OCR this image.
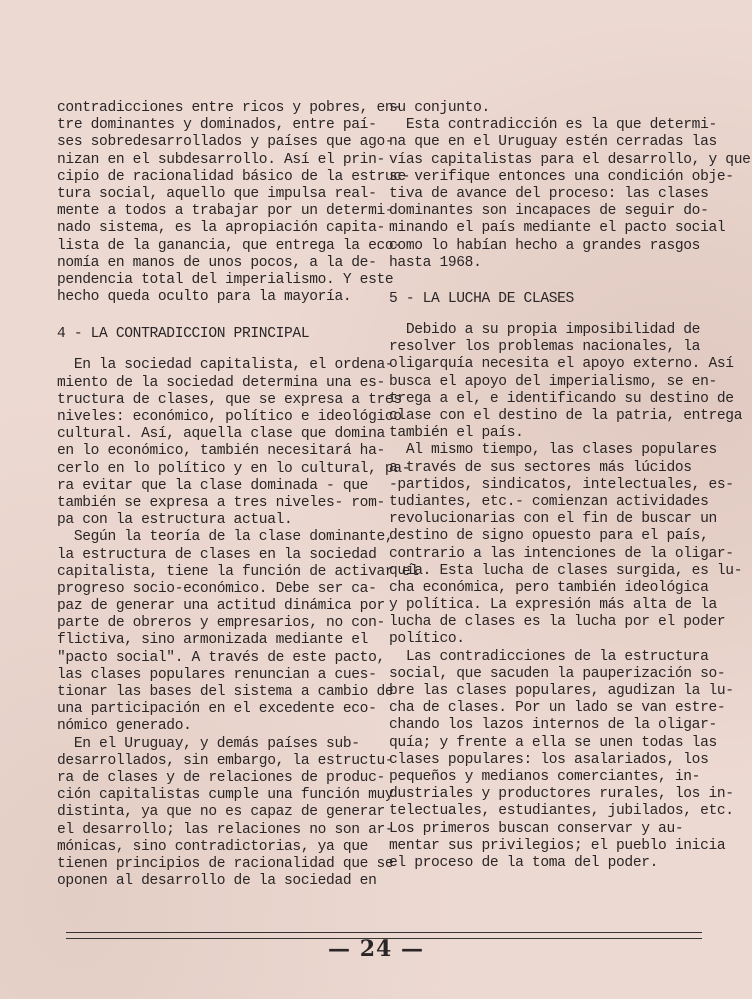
contradicciones entre ricos y pobres, en-
tre dominantes y dominados, entre paí-
ses sobredesarrollados y países que ago-
nizan en el subdesarrollo. Así el prin-
cipio de racionalidad básico de la estruc-
tura social, aquello que impulsa real-
mente a todos a trabajar por un determi-
nado sistema, es la apropiación capita-
lista de la ganancia, que entrega la eco-
nomía en manos de unos pocos, a la de-
pendencia total del imperialismo. Y este
hecho queda oculto para la mayoría.
4 - LA CONTRADICCION PRINCIPAL
En la sociedad capitalista, el ordena-
miento de la sociedad determina una es-
tructura de clases, que se expresa a tres
niveles: económico, político e ideológico
cultural. Así, aquella clase que domina
en lo económico, también necesitará ha-
cerlo en lo político y en lo cultural, pa-
ra evitar que la clase dominada - que
también se expresa a tres niveles- rom-
pa con la estructura actual.
Según la teoría de la clase dominante,
la estructura de clases en la sociedad
capitalista, tiene la función de activar el
progreso socio-económico. Debe ser ca-
paz de generar una actitud dinámica por
parte de obreros y empresarios, no con-
flictiva, sino armonizada mediante el
"pacto social". A través de este pacto,
las clases populares renuncian a cues-
tionar las bases del sistema a cambio de
una participación en el excedente eco-
nómico generado.
En el Uruguay, y demás países sub-
desarrollados, sin embargo, la estructu-
ra de clases y de relaciones de produc-
ción capitalistas cumple una función muy
distinta, ya que no es capaz de generar
el desarrollo; las relaciones no son ar-
mónicas, sino contradictorias, ya que
tienen principios de racionalidad que se
oponen al desarrollo de la sociedad en
su conjunto.
Esta contradicción es la que determi-
na que en el Uruguay estén cerradas las
vías capitalistas para el desarrollo, y que
se verifique entonces una condición obje-
tiva de avance del proceso: las clases
dominantes son incapaces de seguir do-
minando el país mediante el pacto social
como lo habían hecho a grandes rasgos
hasta 1968.
5 - LA LUCHA DE CLASES
Debido a su propia imposibilidad de
resolver los problemas nacionales, la
oligarquía necesita el apoyo externo. Así
busca el apoyo del imperialismo, se en-
trega a el, e identificando su destino de
clase con el destino de la patria, entrega
también el país.
Al mismo tiempo, las clases populares
a través de sus sectores más lúcidos
-partidos, sindicatos, intelectuales, es-
tudiantes, etc.- comienzan actividades
revolucionarias con el fin de buscar un
destino de signo opuesto para el país,
contrario a las intenciones de la oligar-
quía. Esta lucha de clases surgida, es lu-
cha económica, pero también ideológica
y política. La expresión más alta de la
lucha de clases es la lucha por el poder
político.
Las contradicciones de la estructura
social, que sacuden la pauperización so-
bre las clases populares, agudizan la lu-
cha de clases. Por un lado se van estre-
chando los lazos internos de la oligar-
quía; y frente a ella se unen todas las
clases populares: los asalariados, los
pequeños y medianos comerciantes, in-
dustriales y productores rurales, los in-
telectuales, estudiantes, jubilados, etc.
Los primeros buscan conservar y au-
mentar sus privilegios; el pueblo inicia
el proceso de la toma del poder.
— 24 —
